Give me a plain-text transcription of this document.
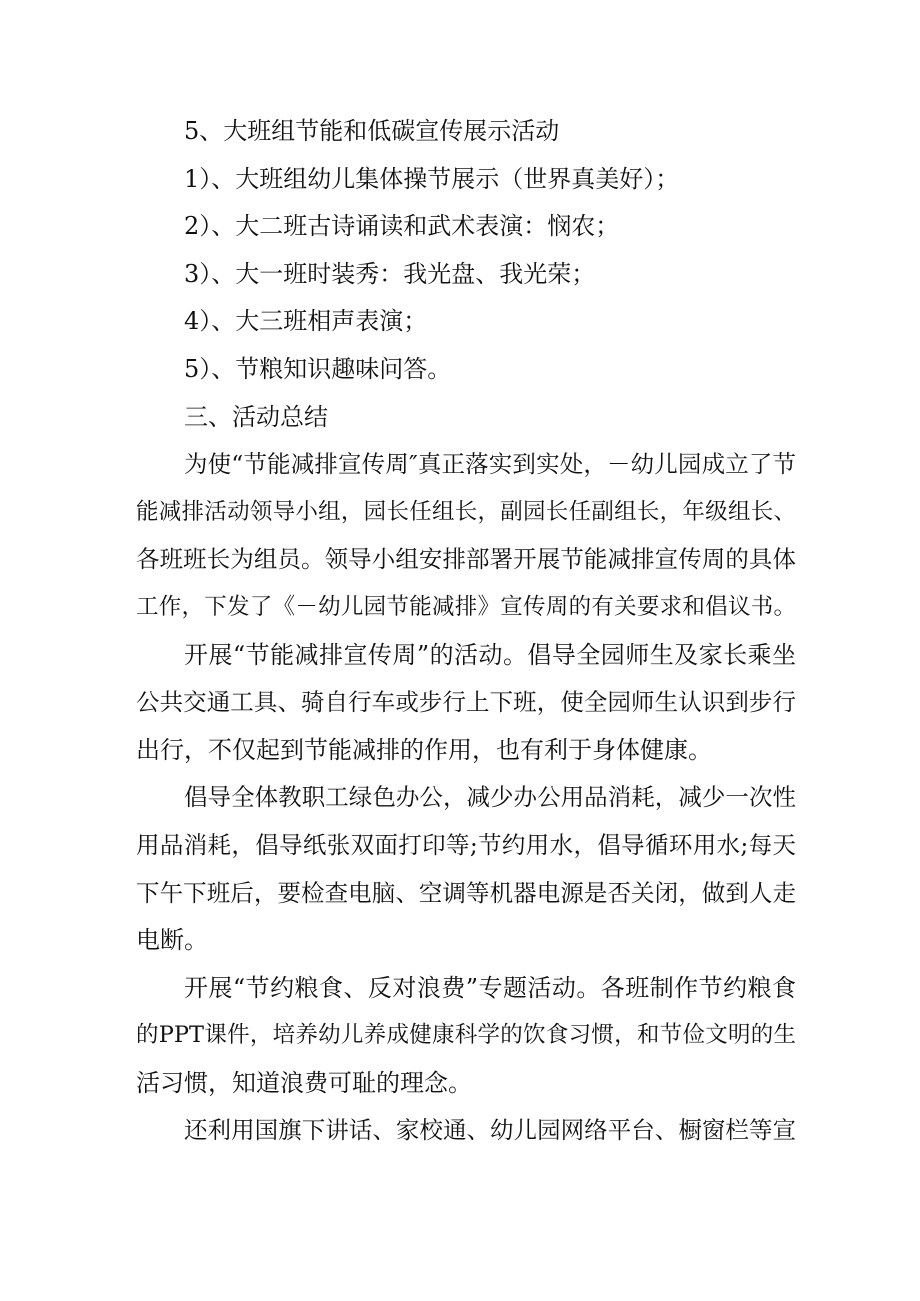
5、大班组节能和低碳宣传展示活动
1）、大班组幼儿集体操节展示（世界真美好）；
2）、大二班古诗诵读和武术表演：悯农；
3）、大一班时装秀：我光盘、我光荣；
4）、大三班相声表演；
5）、节粮知识趣味问答。
三、活动总结
为使“节能减排宣传周″真正落实到实处，－幼儿园成立了节
能减排活动领导小组，园长任组长，副园长任副组长，年级组长、
各班班长为组员。领导小组安排部署开展节能减排宣传周的具体
工作，下发了《－幼儿园节能减排》宣传周的有关要求和倡议书。
开展“节能减排宣传周”的活动。倡导全园师生及家长乘坐
公共交通工具、骑自行车或步行上下班，使全园师生认识到步行
出行，不仅起到节能减排的作用，也有利于身体健康。
倡导全体教职工绿色办公，减少办公用品消耗，减少一次性
用品消耗，倡导纸张双面打印等;节约用水，倡导循环用水;每天
下午下班后，要检查电脑、空调等机器电源是否关闭，做到人走
电断。
开展“节约粮食、反对浪费”专题活动。各班制作节约粮食
的PPT课件，培养幼儿养成健康科学的饮食习惯，和节俭文明的生
活习惯，知道浪费可耻的理念。
还利用国旗下讲话、家校通、幼儿园网络平台、橱窗栏等宣
